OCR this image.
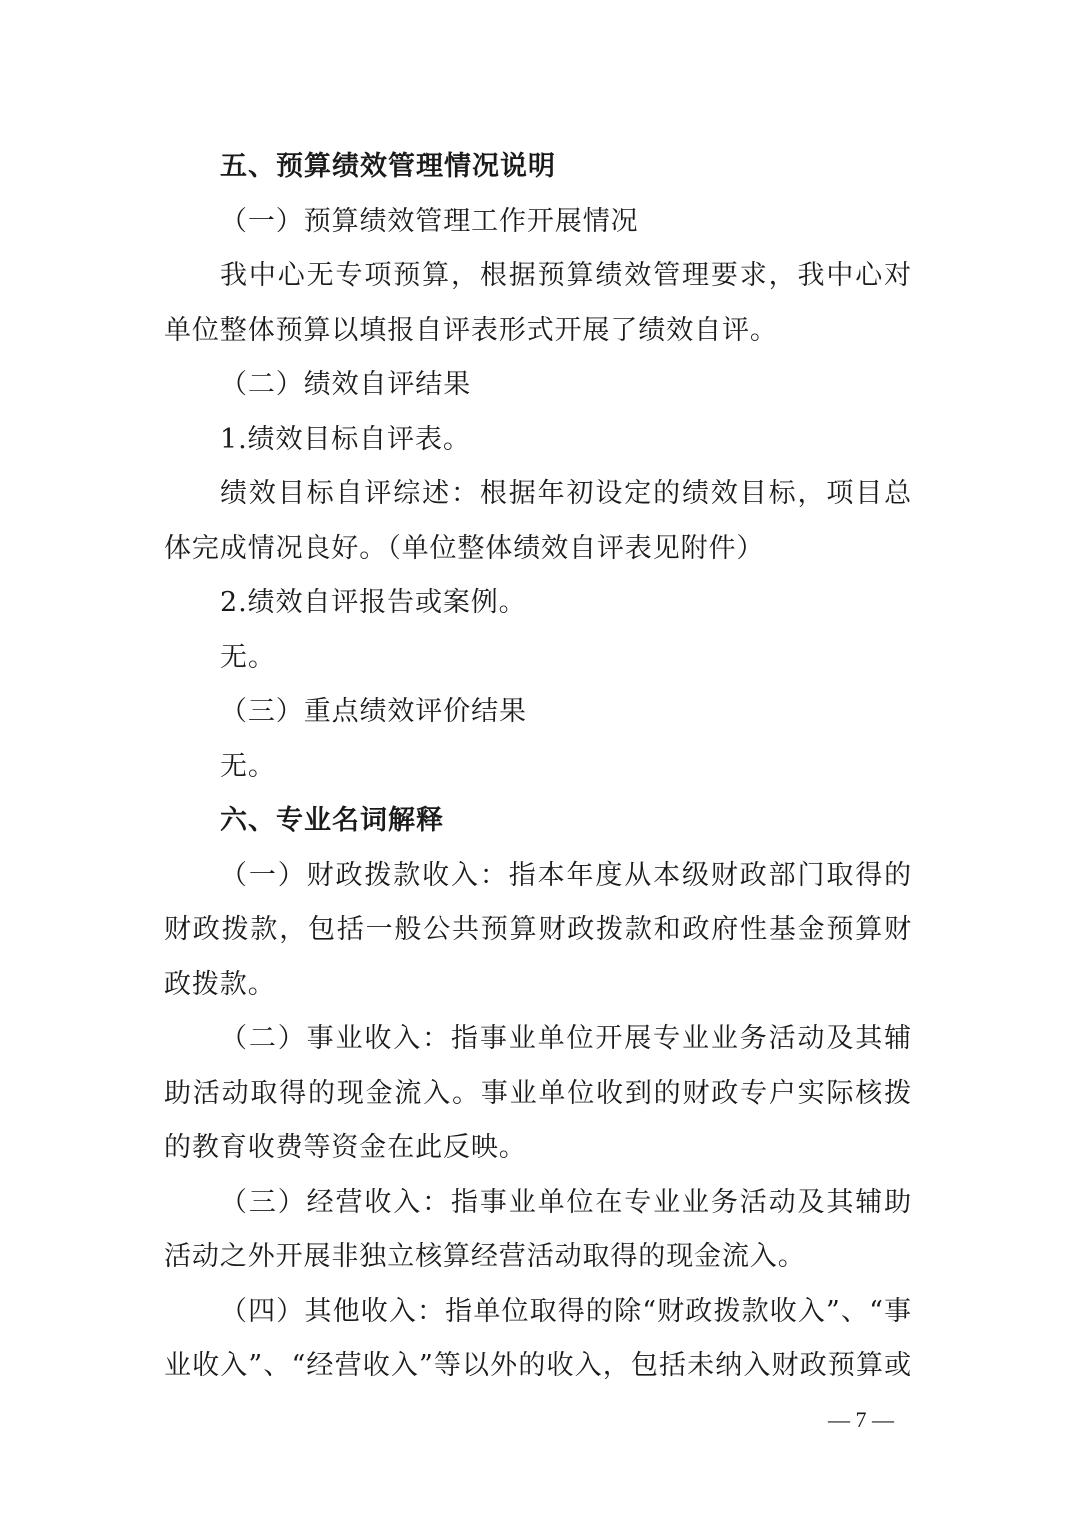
五、预算绩效管理情况说明
（一）预算绩效管理工作开展情况
我中心无专项预算，根据预算绩效管理要求，我中心对
单位整体预算以填报自评表形式开展了绩效自评。
（二）绩效自评结果
1.绩效目标自评表。
绩效目标自评综述：根据年初设定的绩效目标，项目总
体完成情况良好。（单位整体绩效自评表见附件）
2.绩效自评报告或案例。
无。
（三）重点绩效评价结果
无。
六、专业名词解释
（一）财政拨款收入：指本年度从本级财政部门取得的
财政拨款，包括一般公共预算财政拨款和政府性基金预算财
政拨款。
（二）事业收入：指事业单位开展专业业务活动及其辅
助活动取得的现金流入。事业单位收到的财政专户实际核拨
的教育收费等资金在此反映。
（三）经营收入：指事业单位在专业业务活动及其辅助
活动之外开展非独立核算经营活动取得的现金流入。
（四）其他收入：指单位取得的除“财政拨款收入”、“事
业收入”、“经营收入”等以外的收入，包括未纳入财政预算或
— 7 —
